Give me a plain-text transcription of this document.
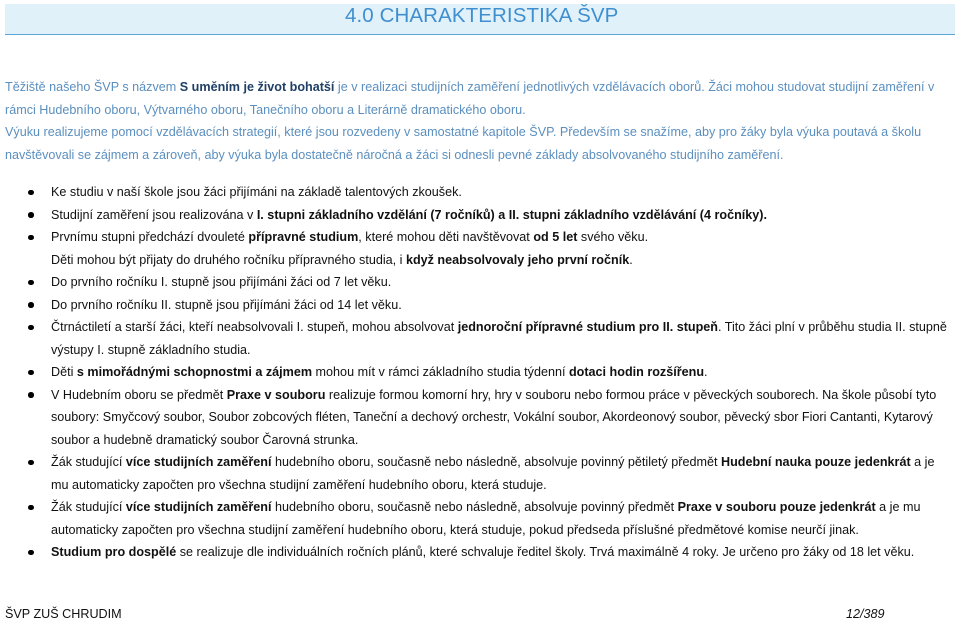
4.0 CHARAKTERISTIKA ŠVP
Těžiště našeho ŠVP s názvem S uměním je život bohatší je v realizaci studijních zaměření jednotlivých vzdělávacích oborů. Žáci mohou studovat studijní zaměření v rámci Hudebního oboru, Výtvarného oboru, Tanečního oboru a Literárně dramatického oboru.
Výuku realizujeme pomocí vzdělávacích strategií, které jsou rozvedeny v samostatné kapitole ŠVP. Především se snažíme, aby pro žáky byla výuka poutavá a školu navštěvovali se zájmem a zároveň, aby výuka byla dostatečně náročná a žáci si odnesli pevné základy absolvovaného studijního zaměření.
Ke studiu v naší škole jsou žáci přijímáni na základě talentových zkoušek.
Studijní zaměření jsou realizována v I. stupni základního vzdělání (7 ročníků) a II. stupni základního vzdělávání (4 ročníky).
Prvnímu stupni předchází dvouleté přípravné studium, které mohou děti navštěvovat od 5 let svého věku.
Děti mohou být přijaty do druhého ročníku přípravného studia, i když neabsolvovaly jeho první ročník.
Do prvního ročníku I. stupně jsou přijímáni žáci od 7 let věku.
Do prvního ročníku II. stupně jsou přijímáni žáci od 14 let věku.
Čtrnáctiletí a starší žáci, kteří neabsolvovali I. stupeň, mohou absolvovat jednoroční přípravné studium pro II. stupeň. Tito žáci plní v průběhu studia II. stupně výstupy I. stupně základního studia.
Děti s mimořádnými schopnostmi a zájmem mohou mít v rámci základního studia týdenní dotaci hodin rozšířenu.
V Hudebním oboru se předmět Praxe v souboru realizuje formou komorní hry, hry v souboru nebo formou práce v pěveckých souborech. Na škole působí tyto soubory: Smyčcový soubor, Soubor zobcových fléten, Taneční a dechový orchestr, Vokální soubor, Akordeonový soubor, pěvecký sbor Fiori Cantanti, Kytarový soubor a hudebně dramatický soubor Čarovná strunka.
Žák studující více studijních zaměření hudebního oboru, současně nebo následně, absolvuje povinný pětiletý předmět Hudební nauka pouze jedenkrát a je mu automaticky započten pro všechna studijní zaměření hudebního oboru, která studuje.
Žák studující více studijních zaměření hudebního oboru, současně nebo následně, absolvuje povinný předmět Praxe v souboru pouze jedenkrát a je mu automaticky započten pro všechna studijní zaměření hudebního oboru, která studuje, pokud předseda příslušné předmětové komise neurčí jinak.
Studium pro dospělé se realizuje dle individuálních ročních plánů, které schvaluje ředitel školy. Trvá maximálně 4 roky. Je určeno pro žáky od 18 let věku.
ŠVP ZUŠ CHRUDIM	12/389
